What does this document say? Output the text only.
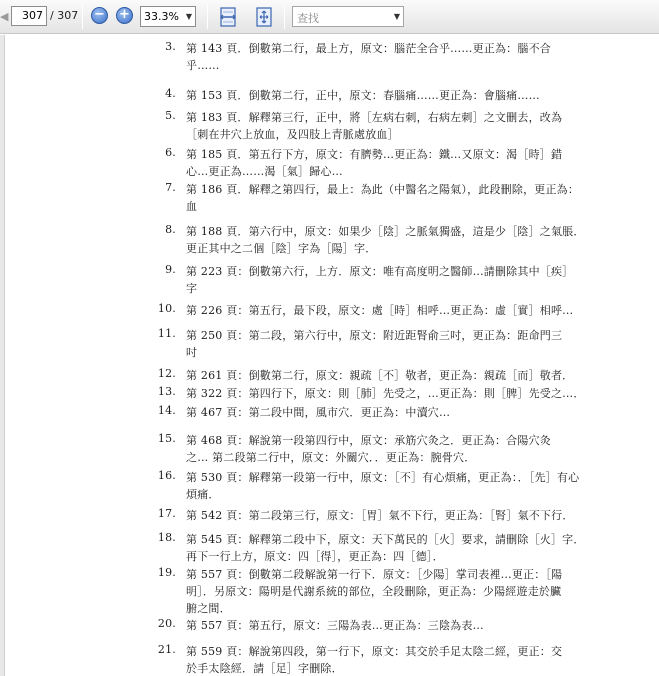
◀	307 / 307 − +	33.3% ▼	查找	▼
3. 第 143 頁．倒數第二行，最上方，原文：腦茫全合乎……更正為：腦不合
乎……
4. 第 153 頁．倒數第二行，正中，原文：春腦痛……更正為：會腦痛……
5. 第 183 頁．解釋第三行，正中，將［左病右刺，右病左刺］之文刪去，改為
［刺在井穴上放血，及四肢上青脈處放血］
6. 第 185 頁．第五行下方，原文：有臍勢…更正為：鐵…又原文：渴［時］錯
心…更正為……渴［氣］歸心…
7. 第 186 頁．解釋之第四行，最上：為此（中醫名之陽氣），此段刪除，更正為：
血
8. 第 188 頁．第六行中，原文：如果少［陰］之脈氣獨盛，這是少［陰］之氣脹．
更正其中之二個［陰］字為［陽］字．
9. 第 223 頁：倒數第六行，上方．原文：唯有高度明之醫師…請刪除其中［疾］
字
10. 第 226 頁：第五行，最下段，原文：處［時］相呼…更正為：虛［實］相呼…
11. 第 250 頁：第二段，第六行中，原文：附近距腎俞三吋，更正為：距命門三
吋
12. 第 261 頁：倒數第二行，原文：親疏［不］敬者，更正為：親疏［而］敬者．
13. 第 322 頁：第四行下，原文：則［肺］先受之，…更正為：則［脾］先受之…．
14. 第 467 頁：第二段中間，風市穴．更正為：中瀆穴…
15. 第 468 頁：解說第一段第四行中，原文：承筋穴灸之．更正為：合陽穴灸
之… 第二段第二行中，原文：外關穴．．更正為：腕骨穴．
16. 第 530 頁：解釋第一段第一行中，原文：［不］有心煩痛，更正為：．［先］有心
煩痛．
17. 第 542 頁：第二段第三行，原文：［胃］氣不下行，更正為：［腎］氣不下行．
18. 第 545 頁：解釋第二段中下，原文：天下萬民的［火］要求，請刪除［火］字．
再下一行上方，原文：四［得］，更正為：四［德］．
19. 第 557 頁：倒數第二段解說第一行下．原文：［少陽］掌司表裡…更正：［陽
明］．另原文：陽明是代謝系統的部位，全段刪除，更正為：少陽經遊走於臟
腑之間．
20. 第 557 頁：第五行，原文：三陽為表…更正為：三陰為表…
21. 第 559 頁：解說第四段，第一行下，原文：其交於手足太陰二經，更正：交
於手太陰經．請［足］字刪除．
